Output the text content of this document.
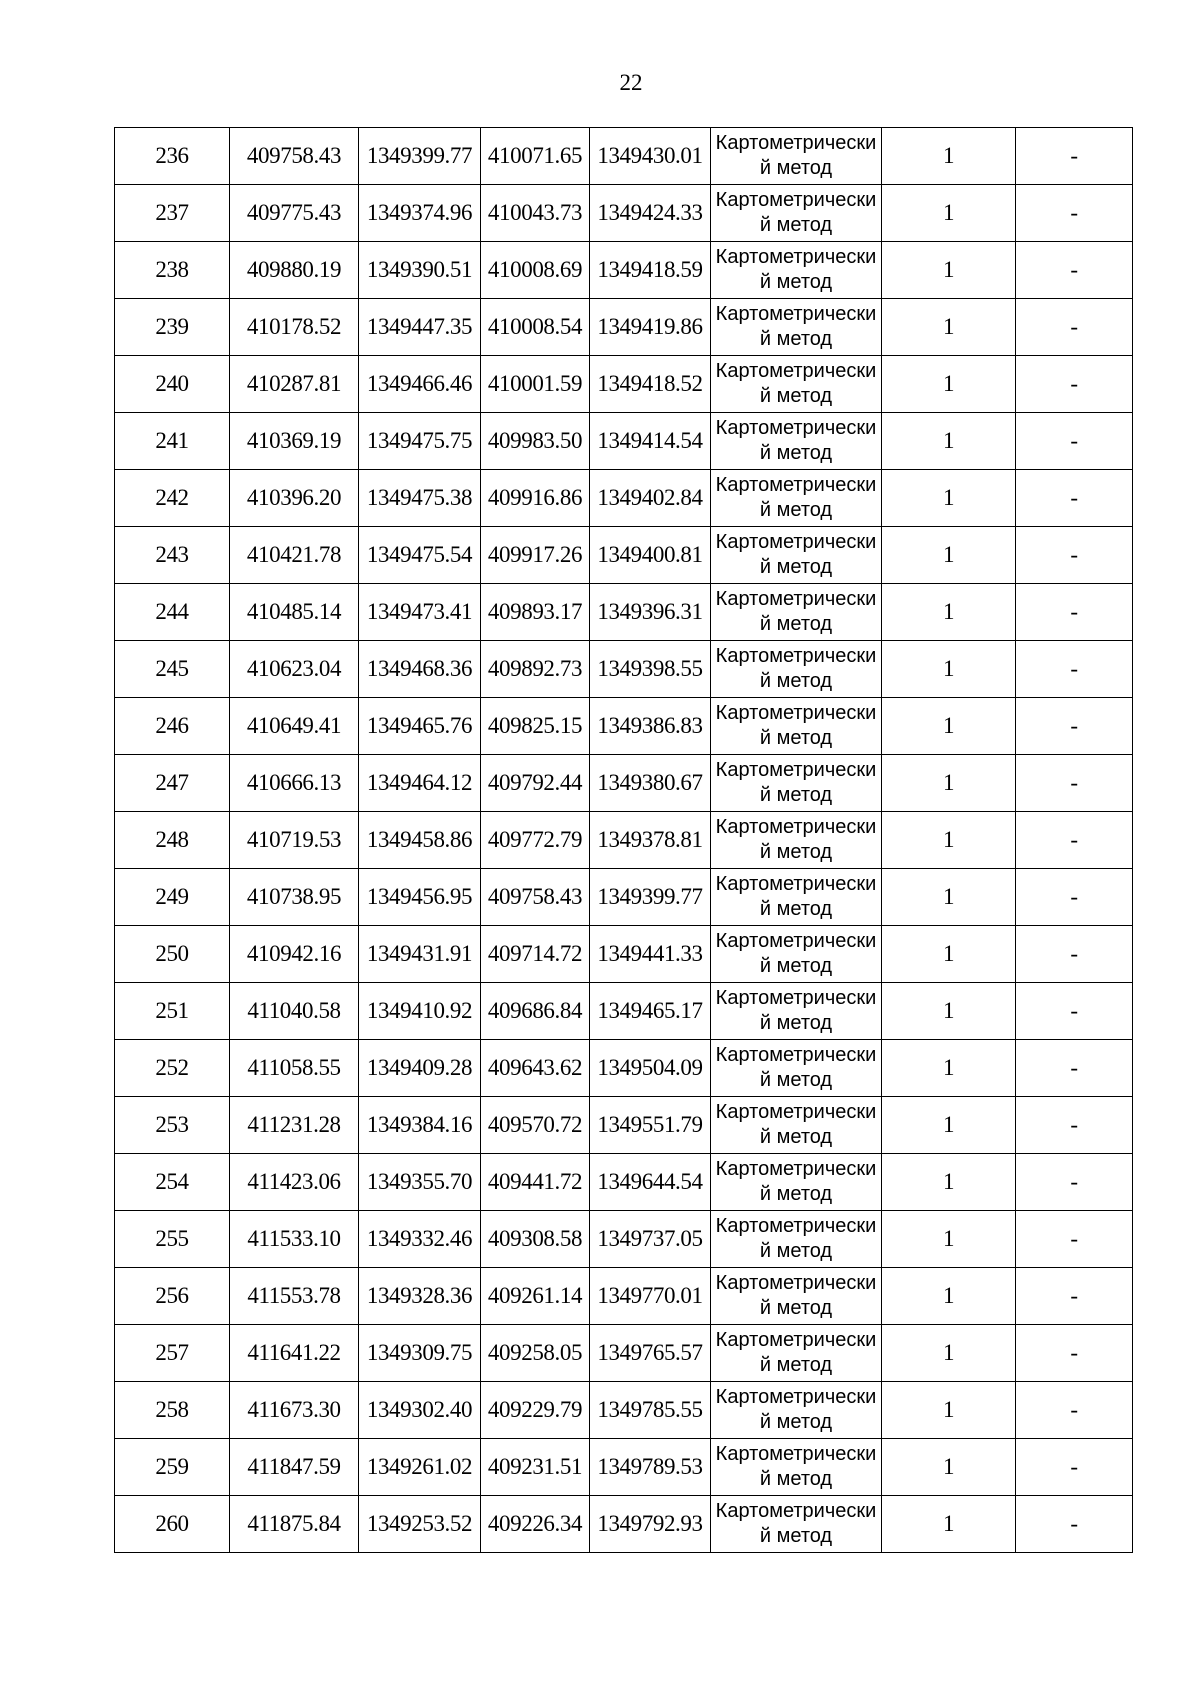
22
236	409758.43	1349399.77	410071.65	1349430.01	Картометрический метод	1	-
237	409775.43	1349374.96	410043.73	1349424.33	Картометрический метод	1	-
238	409880.19	1349390.51	410008.69	1349418.59	Картометрический метод	1	-
239	410178.52	1349447.35	410008.54	1349419.86	Картометрический метод	1	-
240	410287.81	1349466.46	410001.59	1349418.52	Картометрический метод	1	-
241	410369.19	1349475.75	409983.50	1349414.54	Картометрический метод	1	-
242	410396.20	1349475.38	409916.86	1349402.84	Картометрический метод	1	-
243	410421.78	1349475.54	409917.26	1349400.81	Картометрический метод	1	-
244	410485.14	1349473.41	409893.17	1349396.31	Картометрический метод	1	-
245	410623.04	1349468.36	409892.73	1349398.55	Картометрический метод	1	-
246	410649.41	1349465.76	409825.15	1349386.83	Картометрический метод	1	-
247	410666.13	1349464.12	409792.44	1349380.67	Картометрический метод	1	-
248	410719.53	1349458.86	409772.79	1349378.81	Картометрический метод	1	-
249	410738.95	1349456.95	409758.43	1349399.77	Картометрический метод	1	-
250	410942.16	1349431.91	409714.72	1349441.33	Картометрический метод	1	-
251	411040.58	1349410.92	409686.84	1349465.17	Картометрический метод	1	-
252	411058.55	1349409.28	409643.62	1349504.09	Картометрический метод	1	-
253	411231.28	1349384.16	409570.72	1349551.79	Картометрический метод	1	-
254	411423.06	1349355.70	409441.72	1349644.54	Картометрический метод	1	-
255	411533.10	1349332.46	409308.58	1349737.05	Картометрический метод	1	-
256	411553.78	1349328.36	409261.14	1349770.01	Картометрический метод	1	-
257	411641.22	1349309.75	409258.05	1349765.57	Картометрический метод	1	-
258	411673.30	1349302.40	409229.79	1349785.55	Картометрический метод	1	-
259	411847.59	1349261.02	409231.51	1349789.53	Картометрический метод	1	-
260	411875.84	1349253.52	409226.34	1349792.93	Картометрический метод	1	-
